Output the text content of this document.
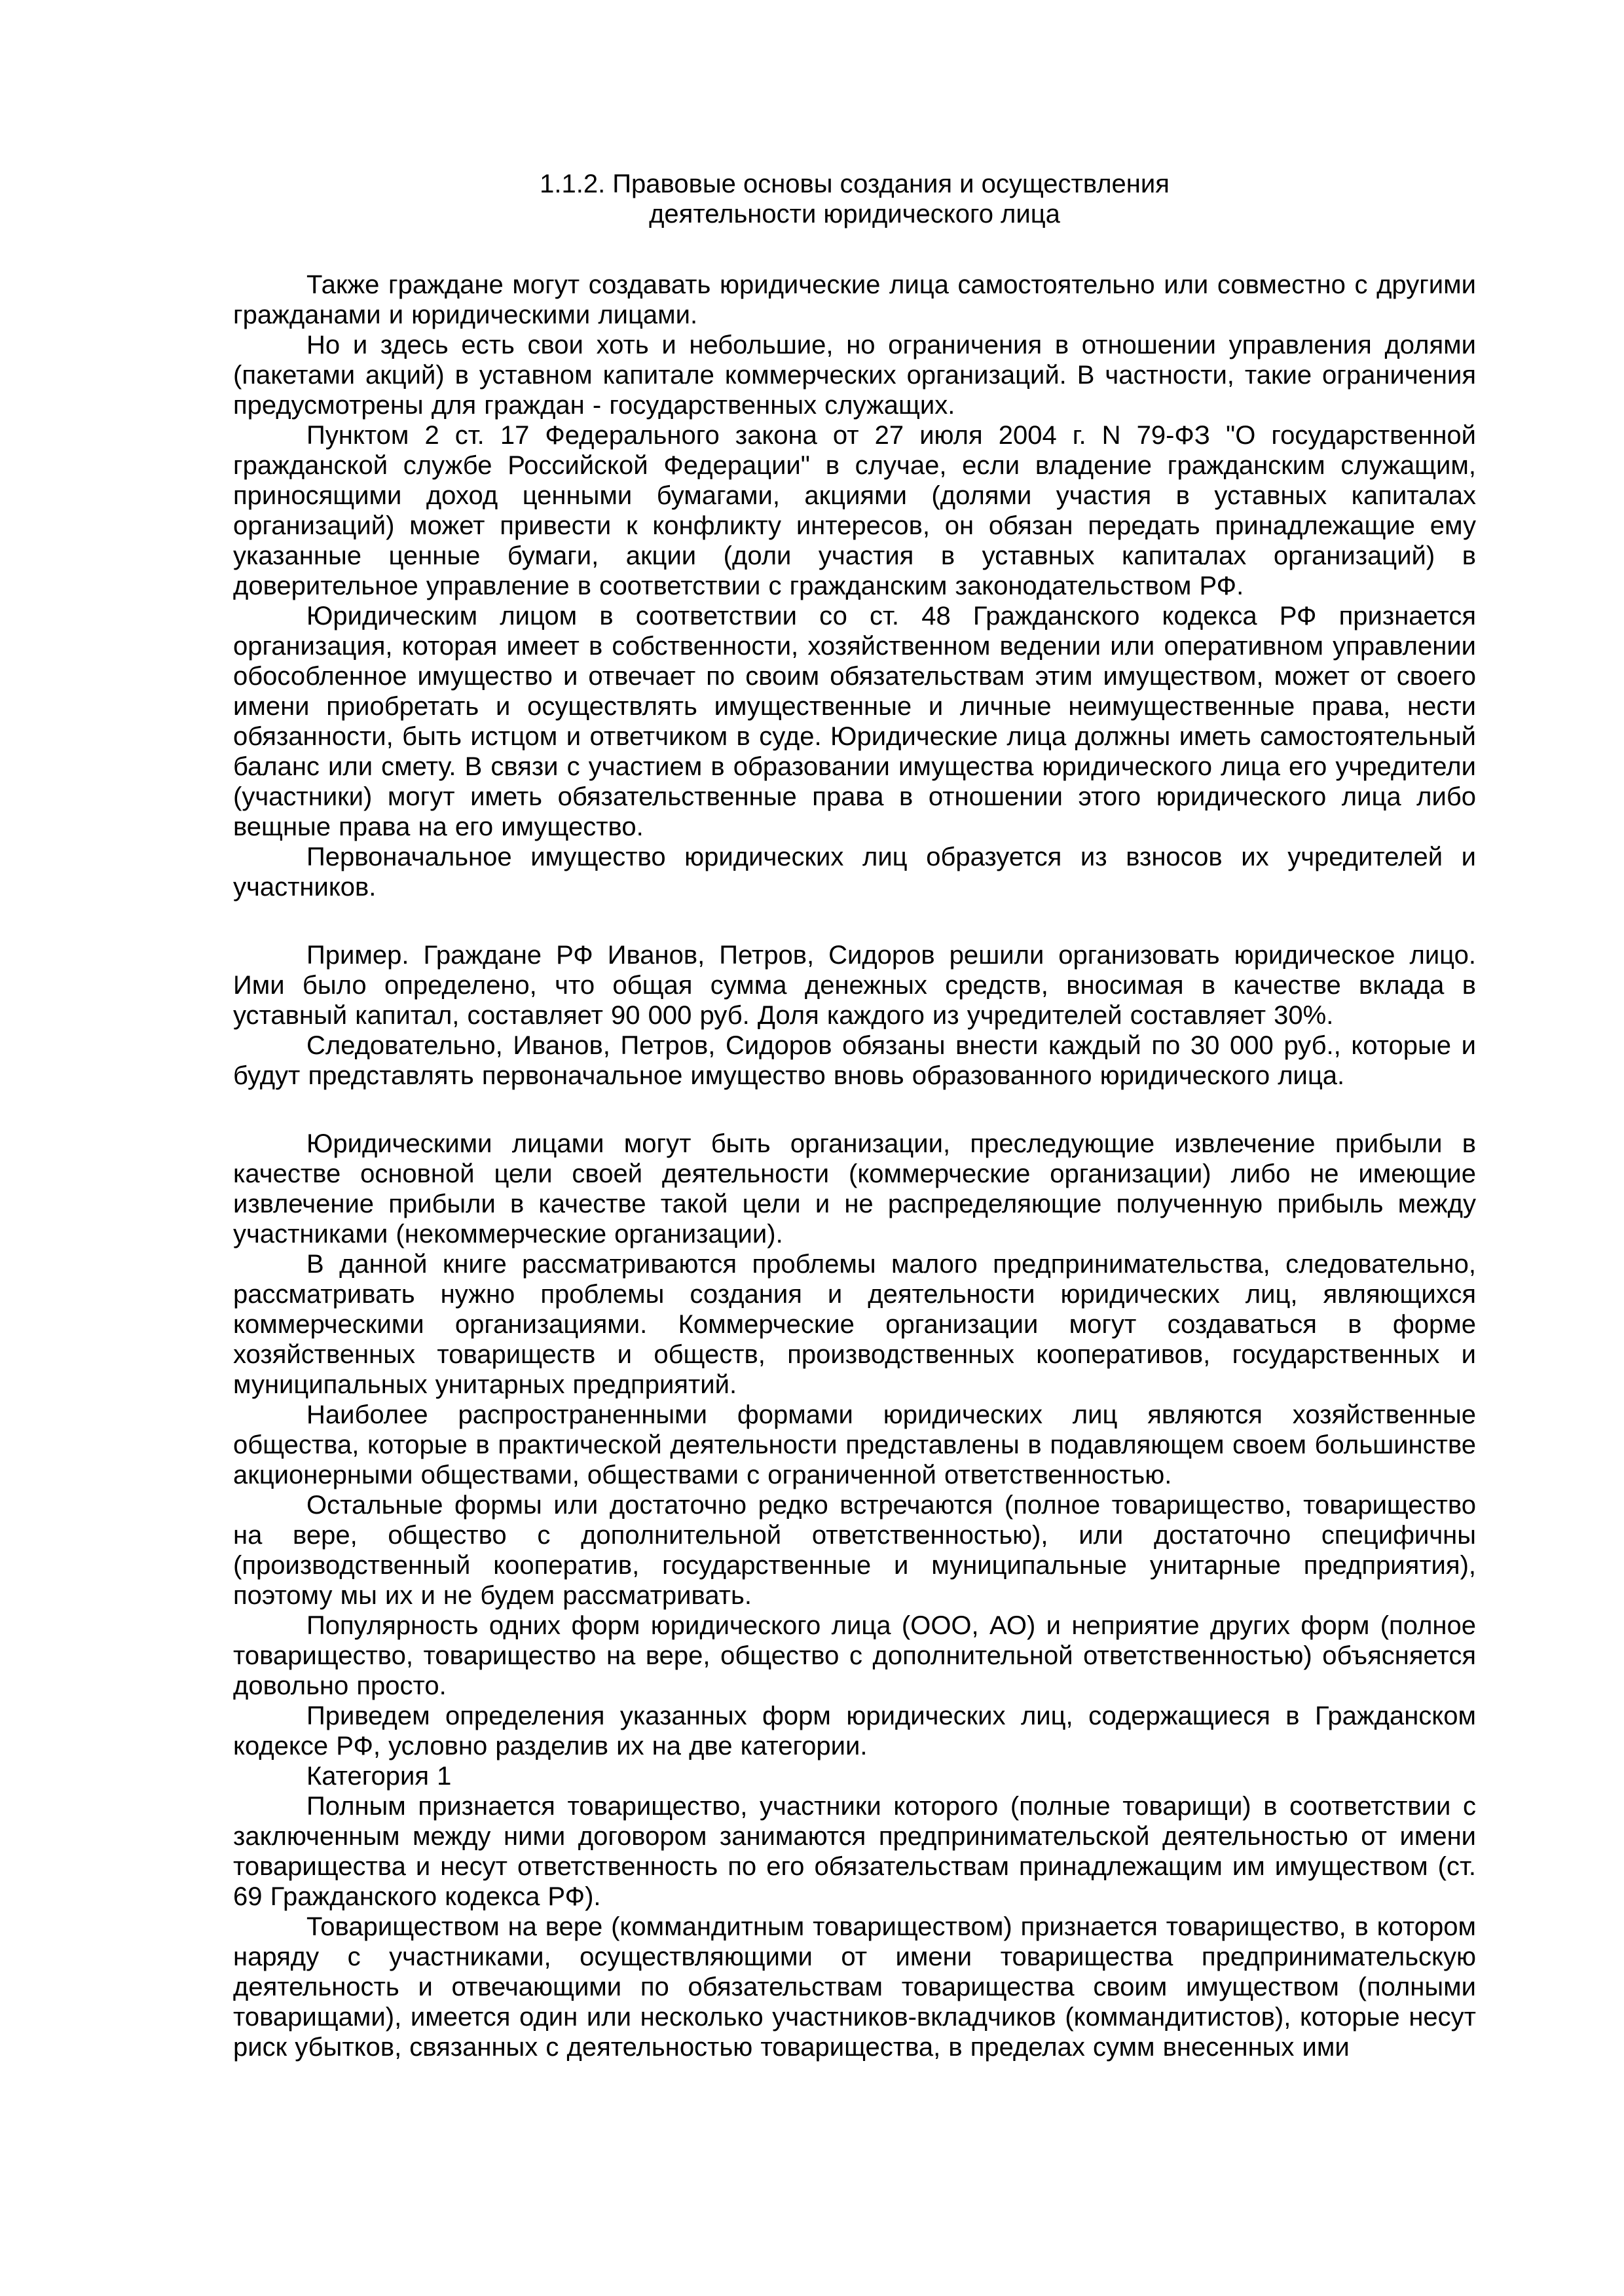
1.1.2. Правовые основы создания и осуществления
деятельности юридического лица

Также граждане могут создавать юридические лица самостоятельно или совместно с другими гражданами и юридическими лицами.

Но и здесь есть свои хоть и небольшие, но ограничения в отношении управления долями (пакетами акций) в уставном капитале коммерческих организаций. В частности, такие ограничения предусмотрены для граждан - государственных служащих.

Пунктом 2 ст. 17 Федерального закона от 27 июля 2004 г. N 79-ФЗ "О государственной гражданской службе Российской Федерации" в случае, если владение гражданским служащим, приносящими доход ценными бумагами, акциями (долями участия в уставных капиталах организаций) может привести к конфликту интересов, он обязан передать принадлежащие ему указанные ценные бумаги, акции (доли участия в уставных капиталах организаций) в доверительное управление в соответствии с гражданским законодательством РФ.

Юридическим лицом в соответствии со ст. 48 Гражданского кодекса РФ признается организация, которая имеет в собственности, хозяйственном ведении или оперативном управлении обособленное имущество и отвечает по своим обязательствам этим имуществом, может от своего имени приобретать и осуществлять имущественные и личные неимущественные права, нести обязанности, быть истцом и ответчиком в суде. Юридические лица должны иметь самостоятельный баланс или смету. В связи с участием в образовании имущества юридического лица его учредители (участники) могут иметь обязательственные права в отношении этого юридического лица либо вещные права на его имущество.

Первоначальное имущество юридических лиц образуется из взносов их учредителей и участников.

Пример. Граждане РФ Иванов, Петров, Сидоров решили организовать юридическое лицо. Ими было определено, что общая сумма денежных средств, вносимая в качестве вклада в уставный капитал, составляет 90 000 руб. Доля каждого из учредителей составляет 30%.

Следовательно, Иванов, Петров, Сидоров обязаны внести каждый по 30 000 руб., которые и будут представлять первоначальное имущество вновь образованного юридического лица.

Юридическими лицами могут быть организации, преследующие извлечение прибыли в качестве основной цели своей деятельности (коммерческие организации) либо не имеющие извлечение прибыли в качестве такой цели и не распределяющие полученную прибыль между участниками (некоммерческие организации).

В данной книге рассматриваются проблемы малого предпринимательства, следовательно, рассматривать нужно проблемы создания и деятельности юридических лиц, являющихся коммерческими организациями. Коммерческие организации могут создаваться в форме хозяйственных товариществ и обществ, производственных кооперативов, государственных и муниципальных унитарных предприятий.

Наиболее распространенными формами юридических лиц являются хозяйственные общества, которые в практической деятельности представлены в подавляющем своем большинстве акционерными обществами, обществами с ограниченной ответственностью.

Остальные формы или достаточно редко встречаются (полное товарищество, товарищество на вере, общество с дополнительной ответственностью), или достаточно специфичны (производственный кооператив, государственные и муниципальные унитарные предприятия), поэтому мы их и не будем рассматривать.

Популярность одних форм юридического лица (ООО, АО) и неприятие других форм (полное товарищество, товарищество на вере, общество с дополнительной ответственностью) объясняется довольно просто.

Приведем определения указанных форм юридических лиц, содержащиеся в Гражданском кодексе РФ, условно разделив их на две категории.

Категория 1

Полным признается товарищество, участники которого (полные товарищи) в соответствии с заключенным между ними договором занимаются предпринимательской деятельностью от имени товарищества и несут ответственность по его обязательствам принадлежащим им имуществом (ст. 69 Гражданского кодекса РФ).

Товариществом на вере (коммандитным товариществом) признается товарищество, в котором наряду с участниками, осуществляющими от имени товарищества предпринимательскую деятельность и отвечающими по обязательствам товарищества своим имуществом (полными товарищами), имеется один или несколько участников-вкладчиков (коммандитистов), которые несут риск убытков, связанных с деятельностью товарищества, в пределах сумм внесенных ими
